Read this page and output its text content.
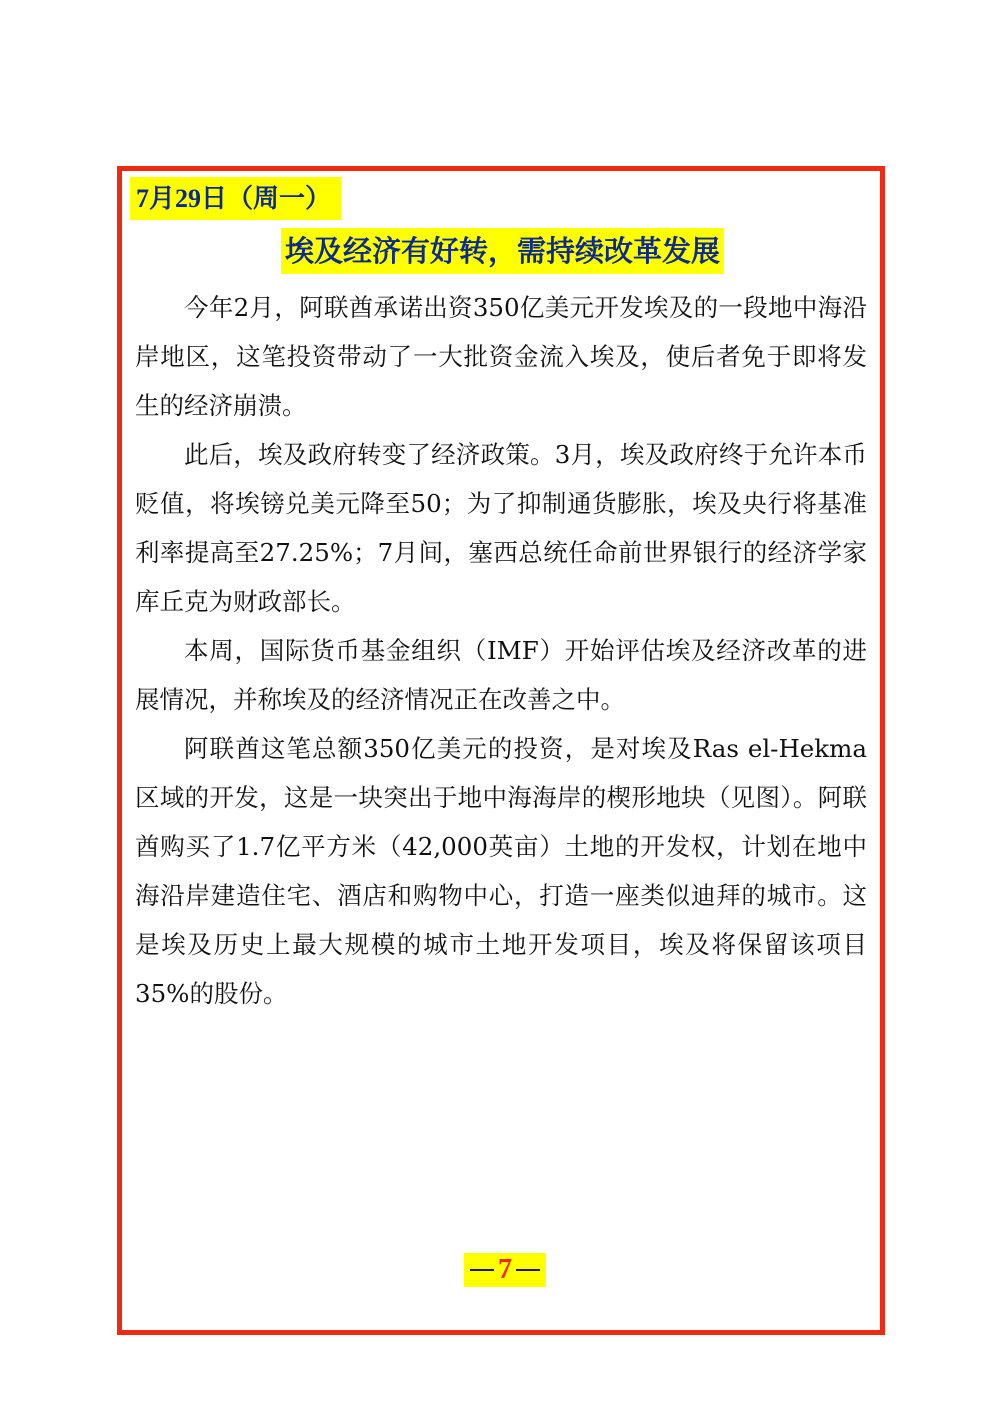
7月29日（周一）
埃及经济有好转，需持续改革发展

今年2月，阿联酋承诺出资350亿美元开发埃及的一段地中海沿岸地区，这笔投资带动了一大批资金流入埃及，使后者免于即将发生的经济崩溃。

此后，埃及政府转变了经济政策。3月，埃及政府终于允许本币贬值，将埃镑兑美元降至50；为了抑制通货膨胀，埃及央行将基准利率提高至27.25%；7月间，塞西总统任命前世界银行的经济学家库丘克为财政部长。

本周，国际货币基金组织（IMF）开始评估埃及经济改革的进展情况，并称埃及的经济情况正在改善之中。

阿联酋这笔总额350亿美元的投资，是对埃及Ras el-Hekma区域的开发，这是一块突出于地中海海岸的楔形地块（见图）。阿联酋购买了1.7亿平方米（42,000英亩）土地的开发权，计划在地中海沿岸建造住宅、酒店和购物中心，打造一座类似迪拜的城市。这是埃及历史上最大规模的城市土地开发项目，埃及将保留该项目35%的股份。

7
